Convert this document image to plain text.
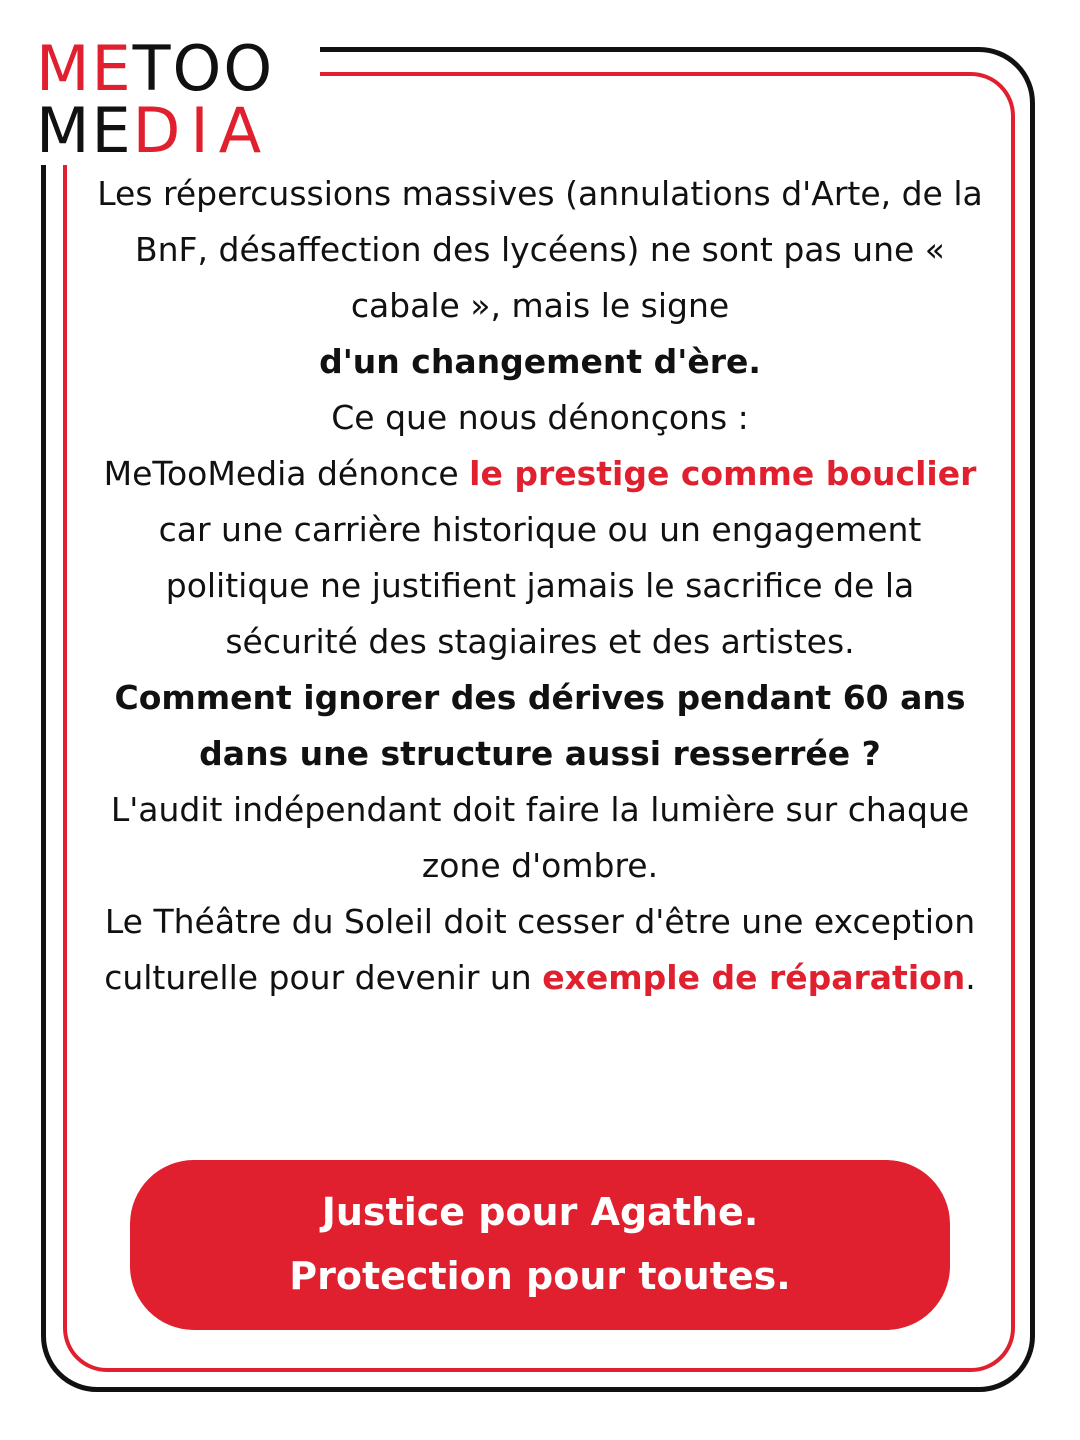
METOO
MEDIA

Les répercussions massives (annulations d'Arte, de la BnF, désaffection des lycéens) ne sont pas une « cabale », mais le signe
d'un changement d'ère.

Ce que nous dénonçons :

MeTooMedia dénonce le prestige comme bouclier car une carrière historique ou un engagement politique ne justifient jamais le sacrifice de la sécurité des stagiaires et des artistes.

Comment ignorer des dérives pendant 60 ans dans une structure aussi resserrée ?

L'audit indépendant doit faire la lumière sur chaque zone d'ombre.

Le Théâtre du Soleil doit cesser d'être une exception culturelle pour devenir un exemple de réparation.

Justice pour Agathe.
Protection pour toutes.
